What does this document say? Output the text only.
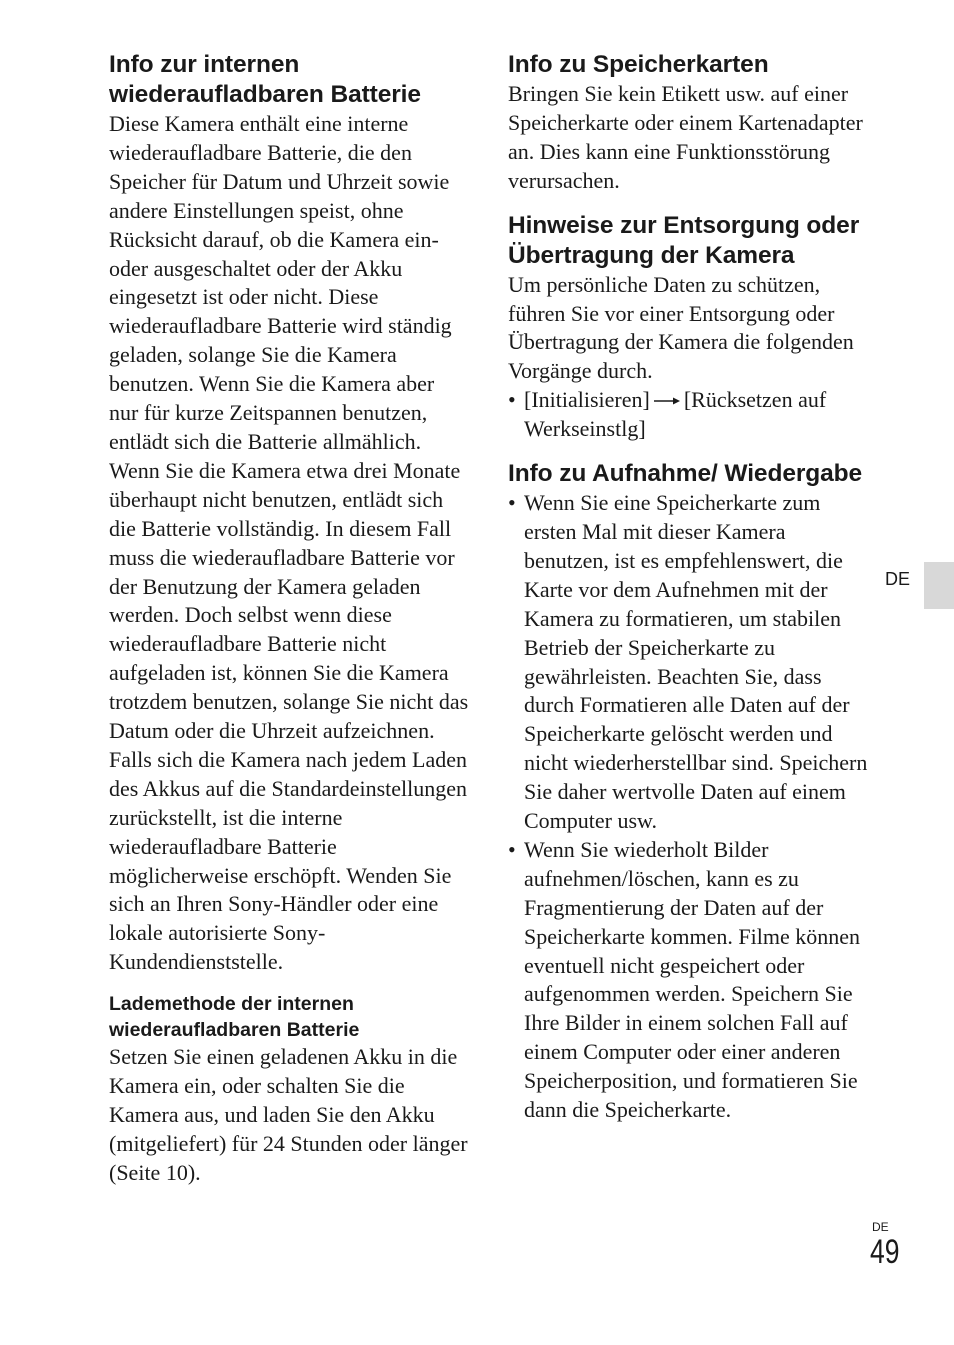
Info zur internen wiederaufladbaren Batterie

Diese Kamera enthält eine interne wiederaufladbare Batterie, die den Speicher für Datum und Uhrzeit sowie andere Einstellungen speist, ohne Rücksicht darauf, ob die Kamera ein- oder ausgeschaltet oder der Akku eingesetzt ist oder nicht. Diese wiederaufladbare Batterie wird ständig geladen, solange Sie die Kamera benutzen. Wenn Sie die Kamera aber nur für kurze Zeitspannen benutzen, entlädt sich die Batterie allmählich. Wenn Sie die Kamera etwa drei Monate überhaupt nicht benutzen, entlädt sich die Batterie vollständig. In diesem Fall muss die wiederaufladbare Batterie vor der Benutzung der Kamera geladen werden. Doch selbst wenn diese wiederaufladbare Batterie nicht aufgeladen ist, können Sie die Kamera trotzdem benutzen, solange Sie nicht das Datum oder die Uhrzeit aufzeichnen. Falls sich die Kamera nach jedem Laden des Akkus auf die Standardeinstellungen zurückstellt, ist die interne wiederaufladbare Batterie möglicherweise erschöpft. Wenden Sie sich an Ihren Sony-Händler oder eine lokale autorisierte Sony-Kundendienststelle.

Lademethode der internen wiederaufladbaren Batterie

Setzen Sie einen geladenen Akku in die Kamera ein, oder schalten Sie die Kamera aus, und laden Sie den Akku (mitgeliefert) für 24 Stunden oder länger (Seite 10).

Info zu Speicherkarten

Bringen Sie kein Etikett usw. auf einer Speicherkarte oder einem Kartenadapter an. Dies kann eine Funktionsstörung verursachen.

Hinweise zur Entsorgung oder Übertragung der Kamera

Um persönliche Daten zu schützen, führen Sie vor einer Entsorgung oder Übertragung der Kamera die folgenden Vorgänge durch.

• [Initialisieren] [Rücksetzen auf Werkseinstlg]
Info zu Aufnahme/ Wiedergabe
• Wenn Sie eine Speicherkarte zum ersten Mal mit dieser Kamera benutzen, ist es empfehlenswert, die Karte vor dem Aufnehmen mit der Kamera zu formatieren, um stabilen Betrieb der Speicherkarte zu gewährleisten. Beachten Sie, dass durch Formatieren alle Daten auf der Speicherkarte gelöscht werden und nicht wiederherstellbar sind. Speichern Sie daher wertvolle Daten auf einem Computer usw.
• Wenn Sie wiederholt Bilder aufnehmen/löschen, kann es zu Fragmentierung der Daten auf der Speicherkarte kommen. Filme können eventuell nicht gespeichert oder aufgenommen werden. Speichern Sie Ihre Bilder in einem solchen Fall auf einem Computer oder einer anderen Speicherposition, und formatieren Sie dann die Speicherkarte.
DE
DE
49
